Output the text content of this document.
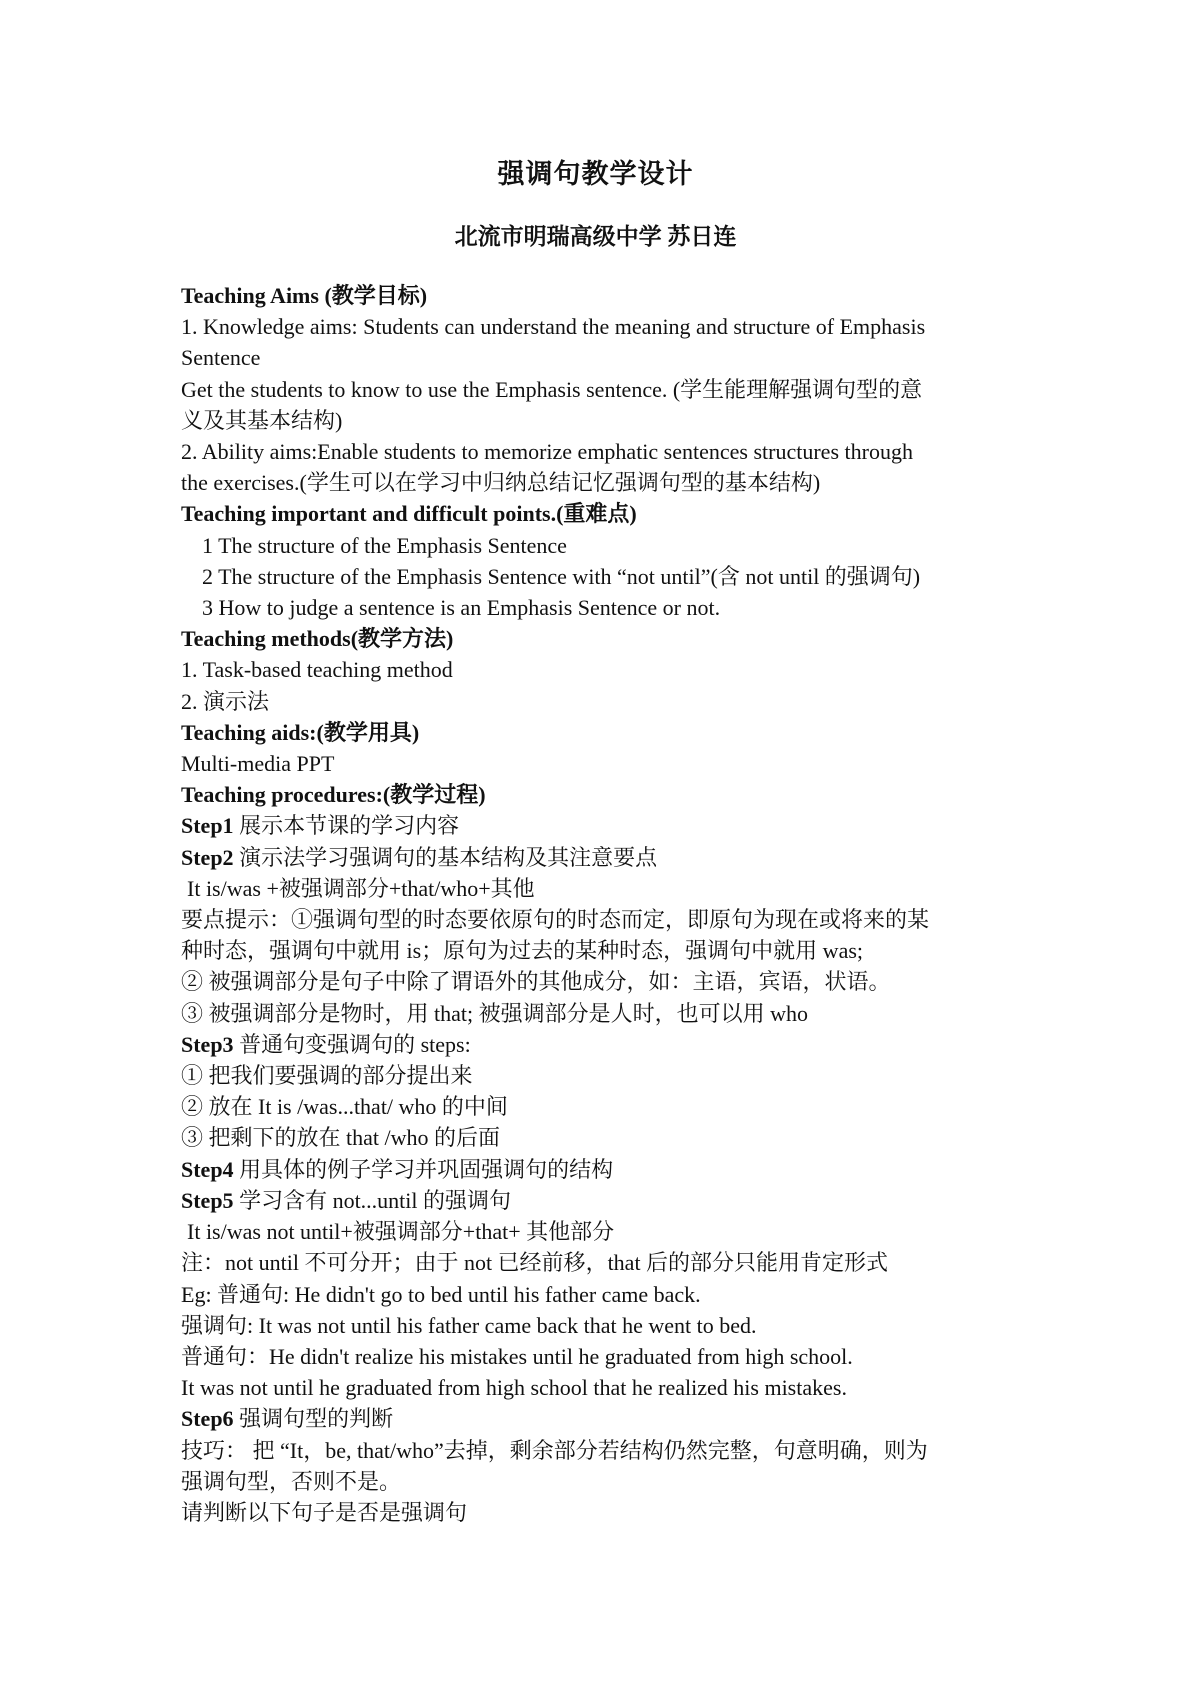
强调句教学设计
北流市明瑞高级中学 苏日连
Teaching Aims (教学目标)
1. Knowledge aims: Students can understand the meaning and structure of Emphasis
Sentence
Get the students to know to use the Emphasis sentence. (学生能理解强调句型的意
义及其基本结构)
2. Ability aims:Enable students to memorize emphatic sentences structures through
the exercises.(学生可以在学习中归纳总结记忆强调句型的基本结构)
Teaching important and difficult points.(重难点)
1 The structure of the Emphasis Sentence
2 The structure of the Emphasis Sentence with “not until”(含 not until 的强调句)
3 How to judge a sentence is an Emphasis Sentence or not.
Teaching methods(教学方法)
1. Task-based teaching method
2. 演示法
Teaching aids:(教学用具)
Multi-media PPT
Teaching procedures:(教学过程)
Step1 展示本节课的学习内容
Step2 演示法学习强调句的基本结构及其注意要点
It is/was +被强调部分+that/who+其他
要点提示：①强调句型的时态要依原句的时态而定，即原句为现在或将来的某
种时态，强调句中就用 is；原句为过去的某种时态，强调句中就用 was;
② 被强调部分是句子中除了谓语外的其他成分，如：主语，宾语，状语。
③ 被强调部分是物时，用 that; 被强调部分是人时，也可以用 who
Step3 普通句变强调句的 steps:
① 把我们要强调的部分提出来
② 放在 It is /was...that/ who 的中间
③ 把剩下的放在 that /who 的后面
Step4 用具体的例子学习并巩固强调句的结构
Step5 学习含有 not...until 的强调句
It is/was not until+被强调部分+that+ 其他部分
注：not until 不可分开；由于 not 已经前移，that 后的部分只能用肯定形式
Eg: 普通句: He didn't go to bed until his father came back.
强调句: It was not until his father came back that he went to bed.
普通句：He didn't realize his mistakes until he graduated from high school.
It was not until he graduated from high school that he realized his mistakes.
Step6 强调句型的判断
技巧： 把 “It，be, that/who”去掉，剩余部分若结构仍然完整，句意明确，则为
强调句型，否则不是。
请判断以下句子是否是强调句
